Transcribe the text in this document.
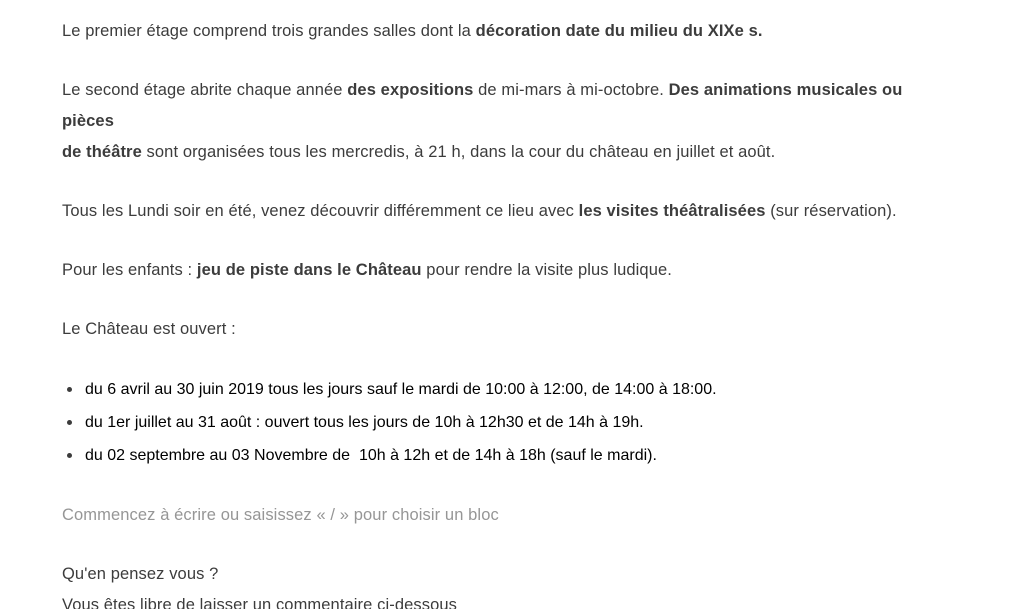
Le premier étage comprend trois grandes salles dont la décoration date du milieu du XIXe s.

Le second étage abrite chaque année des expositions de mi-mars à mi-octobre. Des animations musicales ou pièces
de théâtre sont organisées tous les mercredis, à 21 h, dans la cour du château en juillet et août.

Tous les Lundi soir en été, venez découvrir différemment ce lieu avec les visites théâtralisées (sur réservation).

Pour les enfants : jeu de piste dans le Château pour rendre la visite plus ludique.

Le Château est ouvert :

du 6 avril au 30 juin 2019 tous les jours sauf le mardi de 10:00 à 12:00, de 14:00 à 18:00.
du 1er juillet au 31 août : ouvert tous les jours de 10h à 12h30 et de 14h à 19h.
du 02 septembre au 03 Novembre de  10h à 12h et de 14h à 18h (sauf le mardi).

Commencez à écrire ou saisissez « / » pour choisir un bloc

Qu'en pensez vous ?
Vous êtes libre de laisser un commentaire ci-dessous
